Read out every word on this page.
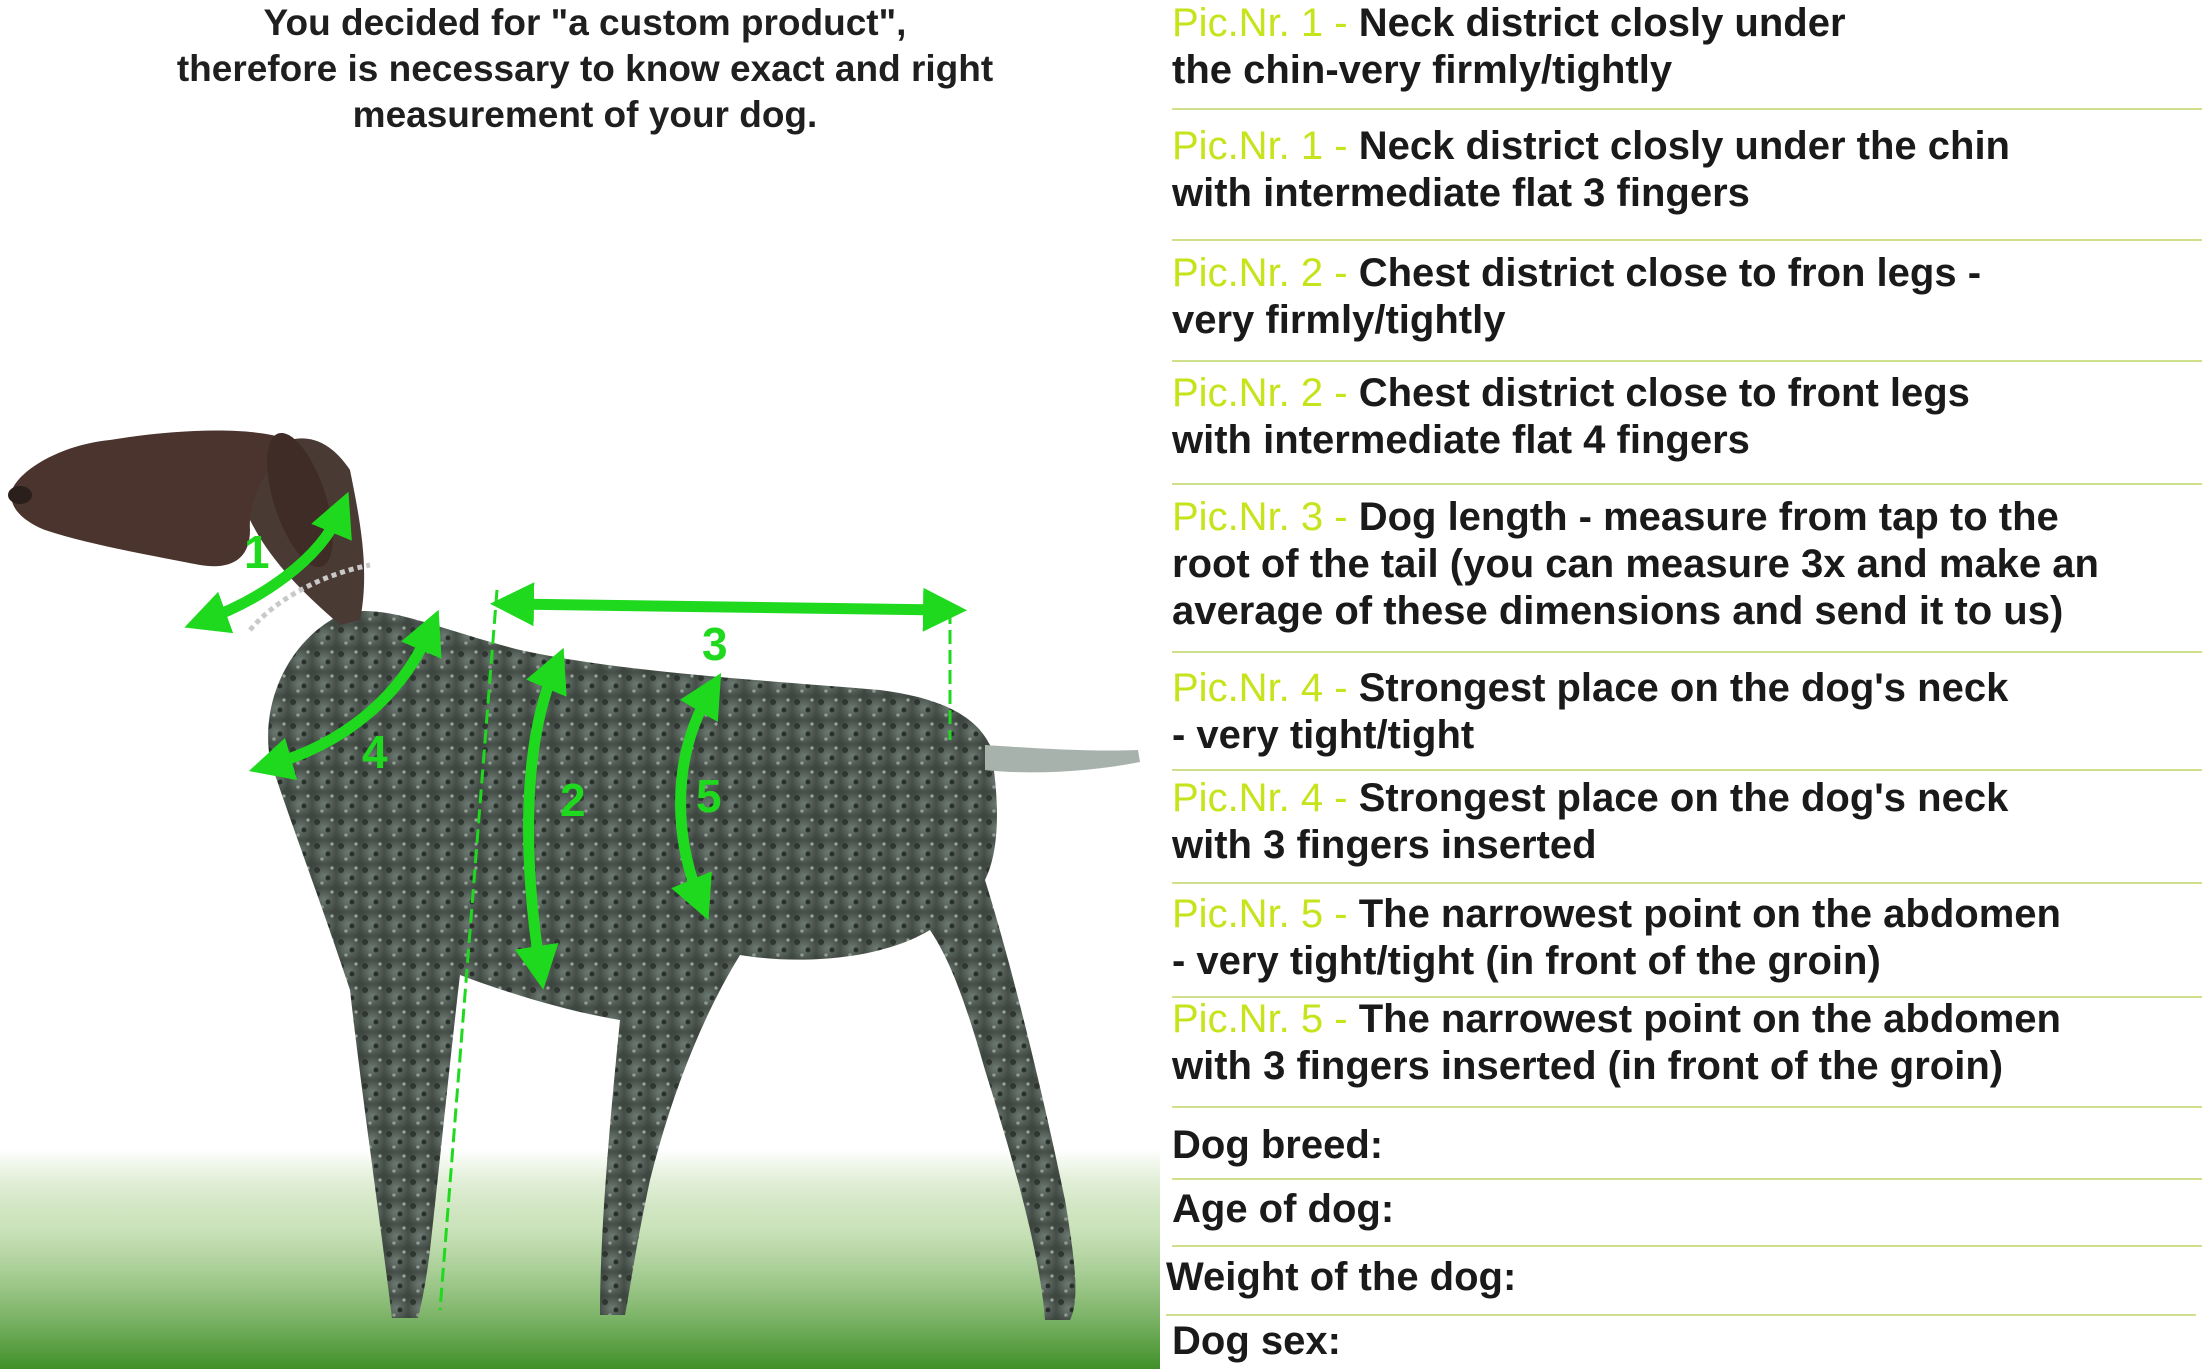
You decided for "a custom product",
therefore is necessary to know exact and right
measurement of your dog.
1
3
4
2 5
Pic.Nr. 1 - Neck district closly under
the chin-very firmly/tightly
Pic.Nr. 1 - Neck district closly under the chin
with intermediate flat 3 fingers
Pic.Nr. 2 - Chest district close to fron legs -
very firmly/tightly
Pic.Nr. 2 - Chest district close to front legs
with intermediate flat 4 fingers
Pic.Nr. 3 - Dog length - measure from tap to the
root of the tail (you can measure 3x and make an
average of these dimensions and send it to us)
Pic.Nr. 4 - Strongest place on the dog's neck
- very tight/tight
Pic.Nr. 4 - Strongest place on the dog's neck
with 3 fingers inserted
Pic.Nr. 5 - The narrowest point on the abdomen
- very tight/tight (in front of the groin)
Pic.Nr. 5 - The narrowest point on the abdomen
with 3 fingers inserted (in front of the groin)
Dog breed:
Age of dog:
Weight of the dog:
Dog sex:
